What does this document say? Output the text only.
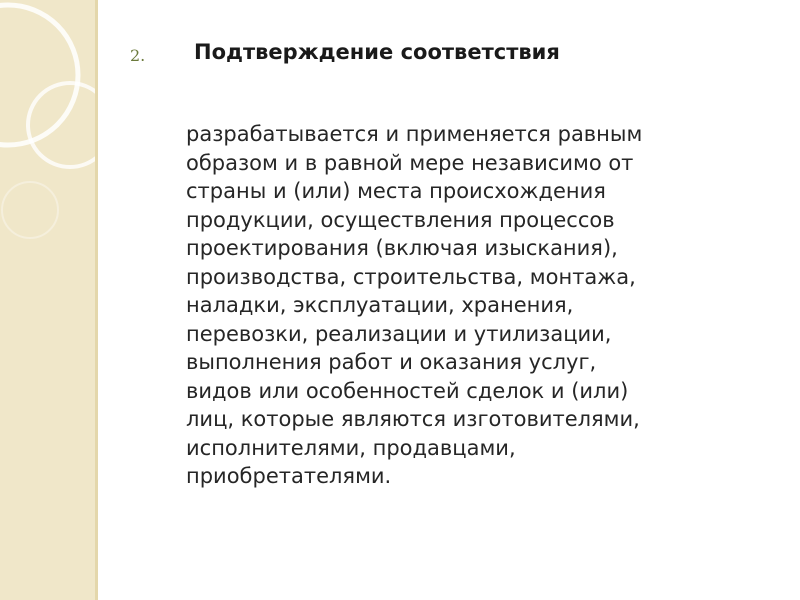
2. Подтверждение соответствия
разрабатывается и применяется равным
образом и в равной мере независимо от
страны и (или) места происхождения
продукции, осуществления процессов
проектирования (включая изыскания),
производства, строительства, монтажа,
наладки, эксплуатации, хранения,
перевозки, реализации и утилизации,
выполнения работ и оказания услуг,
видов или особенностей сделок и (или)
лиц, которые являются изготовителями,
исполнителями, продавцами,
приобретателями.
